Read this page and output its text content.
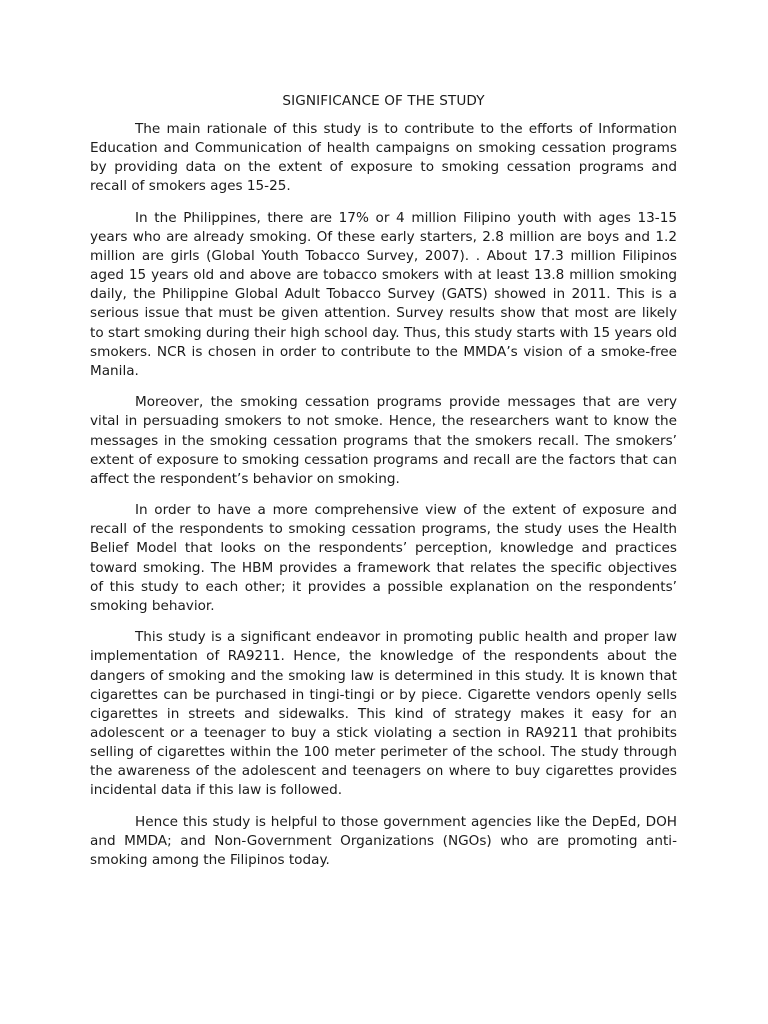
SIGNIFICANCE OF THE STUDY

The main rationale of this study is to contribute to the efforts of Information Education and Communication of health campaigns on smoking cessation programs by providing data on the extent of exposure to smoking cessation programs and recall of smokers ages 15-25.

In the Philippines, there are 17% or 4 million Filipino youth with ages 13-15 years who are already smoking. Of these early starters, 2.8 million are boys and 1.2 million are girls (Global Youth Tobacco Survey, 2007). . About 17.3 million Filipinos aged 15 years old and above are tobacco smokers with at least 13.8 million smoking daily, the Philippine Global Adult Tobacco Survey (GATS) showed in 2011. This is a serious issue that must be given attention. Survey results show that most are likely to start smoking during their high school day. Thus, this study starts with 15 years old smokers. NCR is chosen in order to contribute to the MMDA’s vision of a smoke-free Manila.

Moreover, the smoking cessation programs provide messages that are very vital in persuading smokers to not smoke. Hence, the researchers want to know the messages in the smoking cessation programs that the smokers recall. The smokers’ extent of exposure to smoking cessation programs and recall are the factors that can affect the respondent’s behavior on smoking.

In order to have a more comprehensive view of the extent of exposure and recall of the respondents to smoking cessation programs, the study uses the Health Belief Model that looks on the respondents’ perception, knowledge and practices toward smoking. The HBM provides a framework that relates the specific objectives of this study to each other; it provides a possible explanation on the respondents’ smoking behavior.

This study is a significant endeavor in promoting public health and proper law implementation of RA9211. Hence, the knowledge of the respondents about the dangers of smoking and the smoking law is determined in this study. It is known that cigarettes can be purchased in tingi-tingi or by piece. Cigarette vendors openly sells cigarettes in streets and sidewalks. This kind of strategy makes it easy for an adolescent or a teenager to buy a stick violating a section in RA9211 that prohibits selling of cigarettes within the 100 meter perimeter of the school. The study through the awareness of the adolescent and teenagers on where to buy cigarettes provides incidental data if this law is followed.

Hence this study is helpful to those government agencies like the DepEd, DOH and MMDA; and Non-Government Organizations (NGOs) who are promoting anti-smoking among the Filipinos today.
